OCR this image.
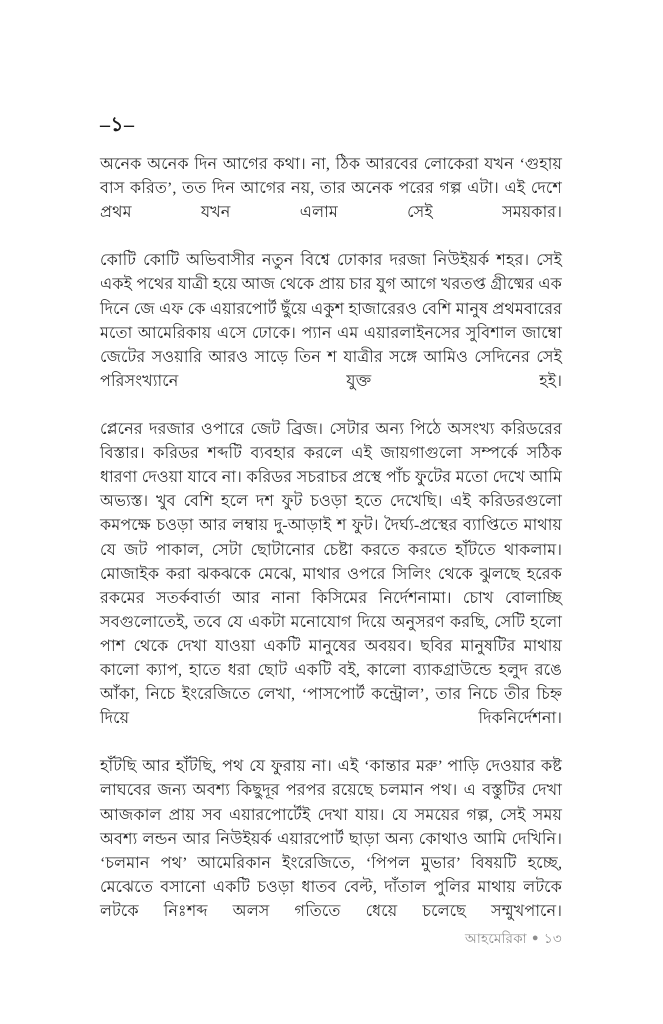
–১–

অনেক অনেক দিন আগের কথা। না, ঠিক আরবের লোকেরা যখন ‘গুহায় বাস করিত’, তত দিন আগের নয়, তার অনেক পরের গল্প এটা। এই দেশে প্রথম যখন এলাম সেই সময়কার।

কোটি কোটি অভিবাসীর নতুন বিশ্বে ঢোকার দরজা নিউইয়র্ক শহর। সেই একই পথের যাত্রী হয়ে আজ থেকে প্রায় চার যুগ আগে খরতপ্ত গ্রীষ্মের এক দিনে জে এফ কে এয়ারপোর্ট ছুঁয়ে একুশ হাজারেরও বেশি মানুষ প্রথমবারের মতো আমেরিকায় এসে ঢোকে। প্যান এম এয়ারলাইনসের সুবিশাল জাম্বো জেটের সওয়ারি আরও সাড়ে তিন শ যাত্রীর সঙ্গে আমিও সেদিনের সেই পরিসংখ্যানে যুক্ত হই।

প্লেনের দরজার ওপারে জেট ব্রিজ। সেটার অন্য পিঠে অসংখ্য করিডরের বিস্তার। করিডর শব্দটি ব্যবহার করলে এই জায়গাগুলো সম্পর্কে সঠিক ধারণা দেওয়া যাবে না। করিডর সচরাচর প্রস্থে পাঁচ ফুটের মতো দেখে আমি অভ্যস্ত। খুব বেশি হলে দশ ফুট চওড়া হতে দেখেছি। এই করিডরগুলো কমপক্ষে চওড়া আর লম্বায় দু-আড়াই শ ফুট। দৈর্ঘ্য-প্রস্থের ব্যাপ্তিতে মাথায় যে জট পাকাল, সেটা ছোটানোর চেষ্টা করতে করতে হাঁটতে থাকলাম। মোজাইক করা ঝকঝকে মেঝে, মাথার ওপরে সিলিং থেকে ঝুলছে হরেক রকমের সতর্কবার্তা আর নানা কিসিমের নির্দেশনামা। চোখ বোলাচ্ছি সবগুলোতেই, তবে যে একটা মনোযোগ দিয়ে অনুসরণ করছি, সেটি হলো পাশ থেকে দেখা যাওয়া একটি মানুষের অবয়ব। ছবির মানুষটির মাথায় কালো ক্যাপ, হাতে ধরা ছোট একটি বই, কালো ব্যাকগ্রাউন্ডে হলুদ রঙে আঁকা, নিচে ইংরেজিতে লেখা, ‘পাসপোর্ট কন্ট্রোল’, তার নিচে তীর চিহ্ন দিয়ে দিকনির্দেশনা।

হাঁটছি আর হাঁটছি, পথ যে ফুরায় না। এই ‘কান্তার মরু’ পাড়ি দেওয়ার কষ্ট লাঘবের জন্য অবশ্য কিছুদূর পরপর রয়েছে চলমান পথ। এ বস্তুটির দেখা আজকাল প্রায় সব এয়ারপোর্টেই দেখা যায়। যে সময়ের গল্প, সেই সময় অবশ্য লন্ডন আর নিউইয়র্ক এয়ারপোর্ট ছাড়া অন্য কোথাও আমি দেখিনি। ‘চলমান পথ’ আমেরিকান ইংরেজিতে, ‘পিপল মুভার’ বিষয়টি হচ্ছে, মেঝেতে বসানো একটি চওড়া ধাতব বেল্ট, দাঁতাল পুলির মাথায় লটকে লটকে নিঃশব্দ অলস গতিতে ধেয়ে চলেছে সম্মুখপানে।

আহমেরিকা ● ১৩
